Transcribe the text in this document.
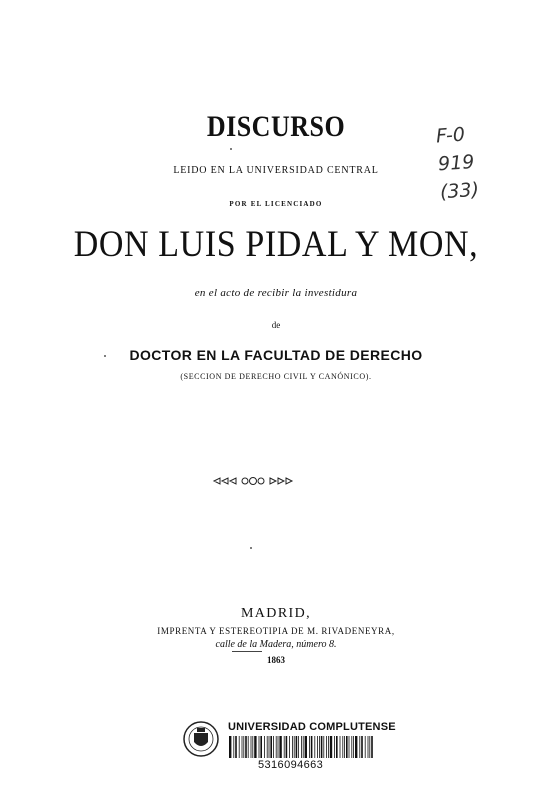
DISCURSO
LEIDO EN LA UNIVERSIDAD CENTRAL
POR EL LICENCIADO
DON LUIS PIDAL Y MON,
en el acto de recibir la investidura
de
DOCTOR EN LA FACULTAD DE DERECHO
(SECCION DE DERECHO CIVIL Y CANÓNICO).
MADRID,
IMPRENTA Y ESTEREOTIPIA DE M. RIVADENEYRA,
calle de la Madera, número 8.
1863
F-0
919
(33)
UNIVERSIDAD COMPLUTENSE
5316094663
